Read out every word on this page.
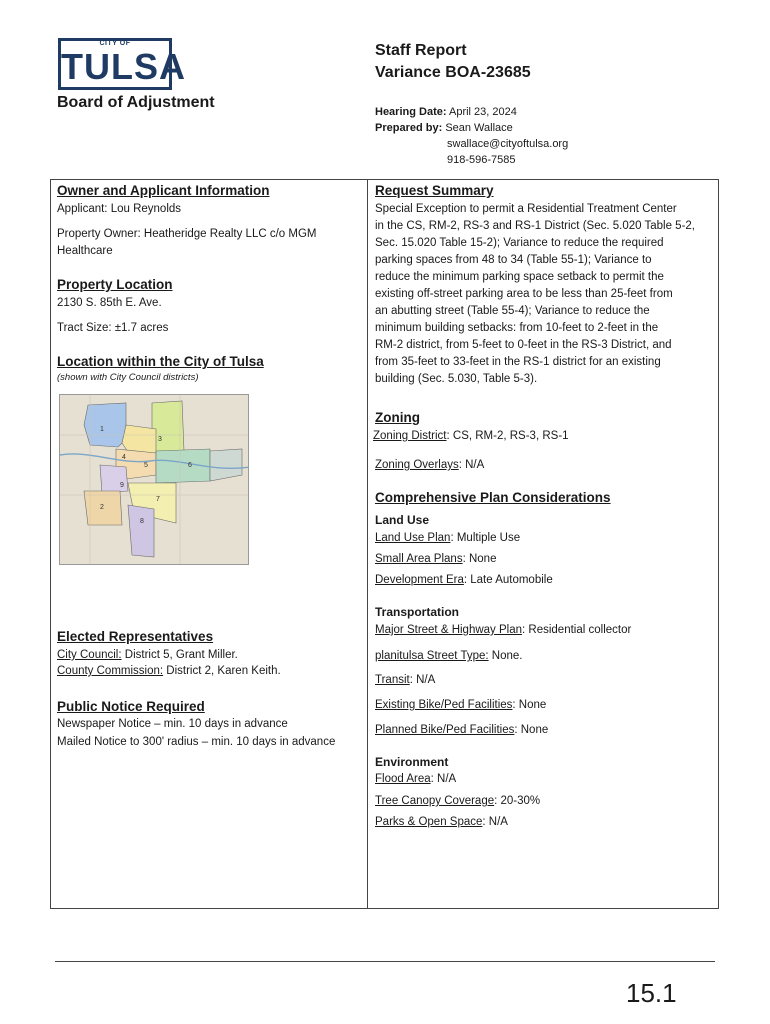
CITY OF
TULSA
Board of Adjustment
Staff Report
Variance BOA-23685
Hearing Date: April 23, 2024
Prepared by: Sean Wallace
swallace@cityoftulsa.org
918-596-7585
Owner and Applicant Information
Applicant: Lou Reynolds
Property Owner: Heatheridge Realty LLC c/o MGM Healthcare
Property Location
2130 S. 85th E. Ave.
Tract Size: ±1.7 acres
Location within the City of Tulsa
(shown with City Council districts)
1
3
4
5	6
7
9
2
8
Elected Representatives
City Council: District 5, Grant Miller.
County Commission: District 2, Karen Keith.
Public Notice Required
Newspaper Notice – min. 10 days in advance
Mailed Notice to 300' radius – min. 10 days in advance
Request Summary
Special Exception to permit a Residential Treatment Center
in the CS, RM-2, RS-3 and RS-1 District (Sec. 5.020 Table 5-2,
Sec. 15.020 Table 15-2); Variance to reduce the required
parking spaces from 48 to 34 (Table 55-1); Variance to
reduce the minimum parking space setback to permit the
existing off-street parking area to be less than 25-feet from
an abutting street (Table 55-4); Variance to reduce the
minimum building setbacks: from 10-feet to 2-feet in the
RM-2 district, from 5-feet to 0-feet in the RS-3 District, and
from 35-feet to 33-feet in the RS-1 district for an existing
building (Sec. 5.030, Table 5-3).
Zoning
Zoning District: CS, RM-2, RS-3, RS-1
Zoning Overlays: N/A
Comprehensive Plan Considerations
Land Use
Land Use Plan: Multiple Use
Small Area Plans: None
Development Era: Late Automobile
Transportation
Major Street & Highway Plan: Residential collector
planitulsa Street Type: None.
Transit: N/A
Existing Bike/Ped Facilities: None
Planned Bike/Ped Facilities: None
Environment
Flood Area: N/A
Tree Canopy Coverage: 20-30%
Parks & Open Space: N/A
15.1
